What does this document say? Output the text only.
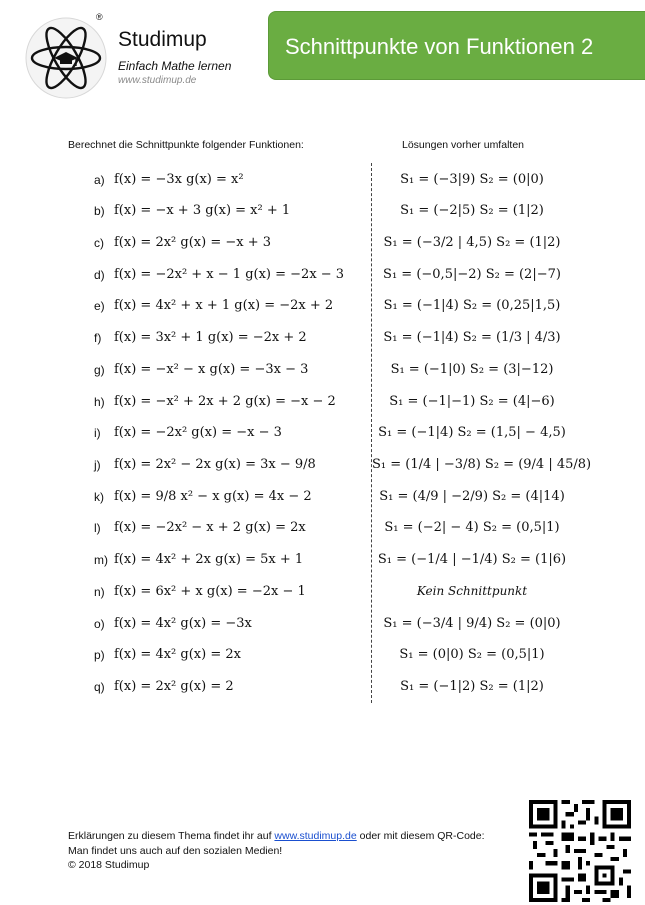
®
Studimup
Einfach Mathe lernen
www.studimup.de
Schnittpunkte von Funktionen 2
Berechnet die Schnittpunkte folgender Funktionen:	Lösungen vorher umfalten
a) f(x) = −3x g(x) = x²	S₁ = (−3|9) S₂ = (0|0)
b) f(x) = −x + 3 g(x) = x² + 1	S₁ = (−2|5) S₂ = (1|2)
c) f(x) = 2x² g(x) = −x + 3	S₁ = (−3/2 | 4,5) S₂ = (1|2)
d) f(x) = −2x² + x − 1 g(x) = −2x − 3	S₁ = (−0,5|−2) S₂ = (2|−7)
e) f(x) = 4x² + x + 1 g(x) = −2x + 2	S₁ = (−1|4) S₂ = (0,25|1,5)
f) f(x) = 3x² + 1 g(x) = −2x + 2	S₁ = (−1|4) S₂ = (1/3 | 4/3)
g) f(x) = −x² − x g(x) = −3x − 3	S₁ = (−1|0) S₂ = (3|−12)
h) f(x) = −x² + 2x + 2 g(x) = −x − 2	S₁ = (−1|−1) S₂ = (4|−6)
i) f(x) = −2x² g(x) = −x − 3	S₁ = (−1|4) S₂ = (1,5| − 4,5)
j) f(x) = 2x² − 2x g(x) = 3x − 9/8	S₁ = (1/4 | −3/8) S₂ = (9/4 | 45/8)
k) f(x) = 9/8 x² − x g(x) = 4x − 2	S₁ = (4/9 | −2/9) S₂ = (4|14)
l) f(x) = −2x² − x + 2 g(x) = 2x	S₁ = (−2| − 4) S₂ = (0,5|1)
m) f(x) = 4x² + 2x g(x) = 5x + 1	S₁ = (−1/4 | −1/4) S₂ = (1|6)
n) f(x) = 6x² + x g(x) = −2x − 1	Kein Schnittpunkt
o) f(x) = 4x² g(x) = −3x	S₁ = (−3/4 | 9/4) S₂ = (0|0)
p) f(x) = 4x² g(x) = 2x	S₁ = (0|0) S₂ = (0,5|1)
q) f(x) = 2x² g(x) = 2	S₁ = (−1|2) S₂ = (1|2)
Erklärungen zu diesem Thema findet ihr auf www.studimup.de oder mit diesem QR-Code:
Man findet uns auch auf den sozialen Medien!
© 2018 Studimup
